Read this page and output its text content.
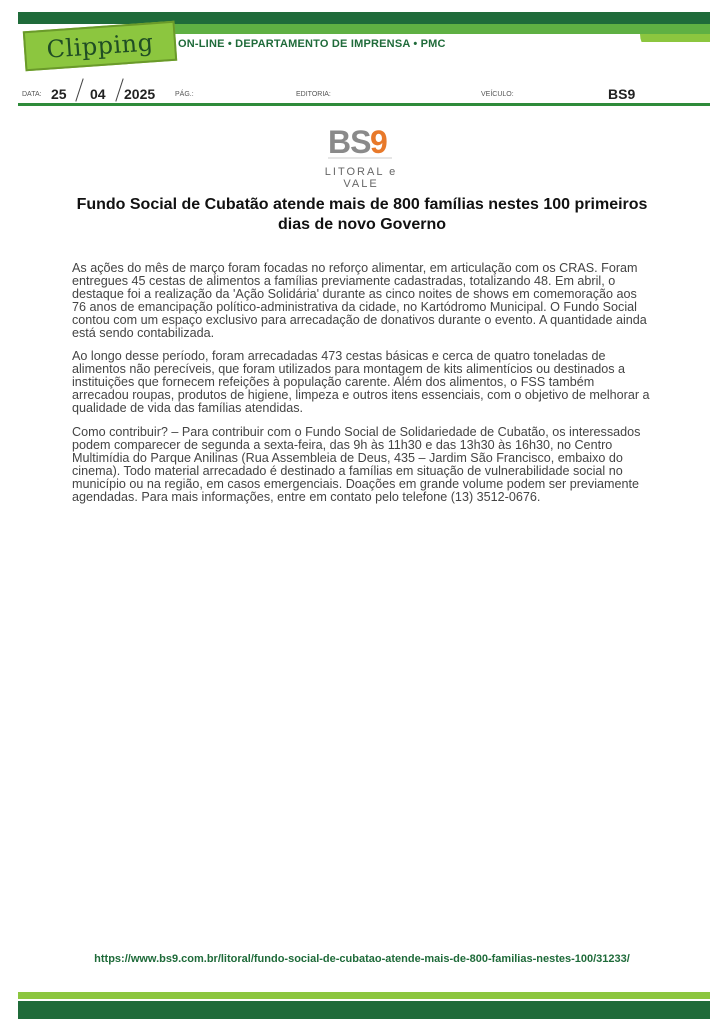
Clipping ON-LINE • DEPARTAMENTO DE IMPRENSA • PMC
DATA: 25 04 2025	PÁG.:	EDITORIA:	VEÍCULO:	BS9
BS 9
LITORAL e VALE
Fundo Social de Cubatão atende mais de 800 famílias nestes 100 primeiros dias de novo Governo

As ações do mês de março foram focadas no reforço alimentar, em articulação com os CRAS. Foram entregues 45 cestas de alimentos a famílias previamente cadastradas, totalizando 48. Em abril, o destaque foi a realização da 'Ação Solidária' durante as cinco noites de shows em comemoração aos 76 anos de emancipação político-administrativa da cidade, no Kartódromo Municipal. O Fundo Social contou com um espaço exclusivo para arrecadação de donativos durante o evento. A quantidade ainda está sendo contabilizada.

Ao longo desse período, foram arrecadadas 473 cestas básicas e cerca de quatro toneladas de alimentos não perecíveis, que foram utilizados para montagem de kits alimentícios ou destinados a instituições que fornecem refeições à população carente. Além dos alimentos, o FSS também arrecadou roupas, produtos de higiene, limpeza e outros itens essenciais, com o objetivo de melhorar a qualidade de vida das famílias atendidas.

Como contribuir? – Para contribuir com o Fundo Social de Solidariedade de Cubatão, os interessados podem comparecer de segunda a sexta-feira, das 9h às 11h30 e das 13h30 às 16h30, no Centro Multimídia do Parque Anilinas (Rua Assembleia de Deus, 435 – Jardim São Francisco, embaixo do cinema). Todo material arrecadado é destinado a famílias em situação de vulnerabilidade social no município ou na região, em casos emergenciais. Doações em grande volume podem ser previamente agendadas. Para mais informações, entre em contato pelo telefone (13) 3512-0676.

https://www.bs9.com.br/litoral/fundo-social-de-cubatao-atende-mais-de-800-familias-nestes-100/31233/
